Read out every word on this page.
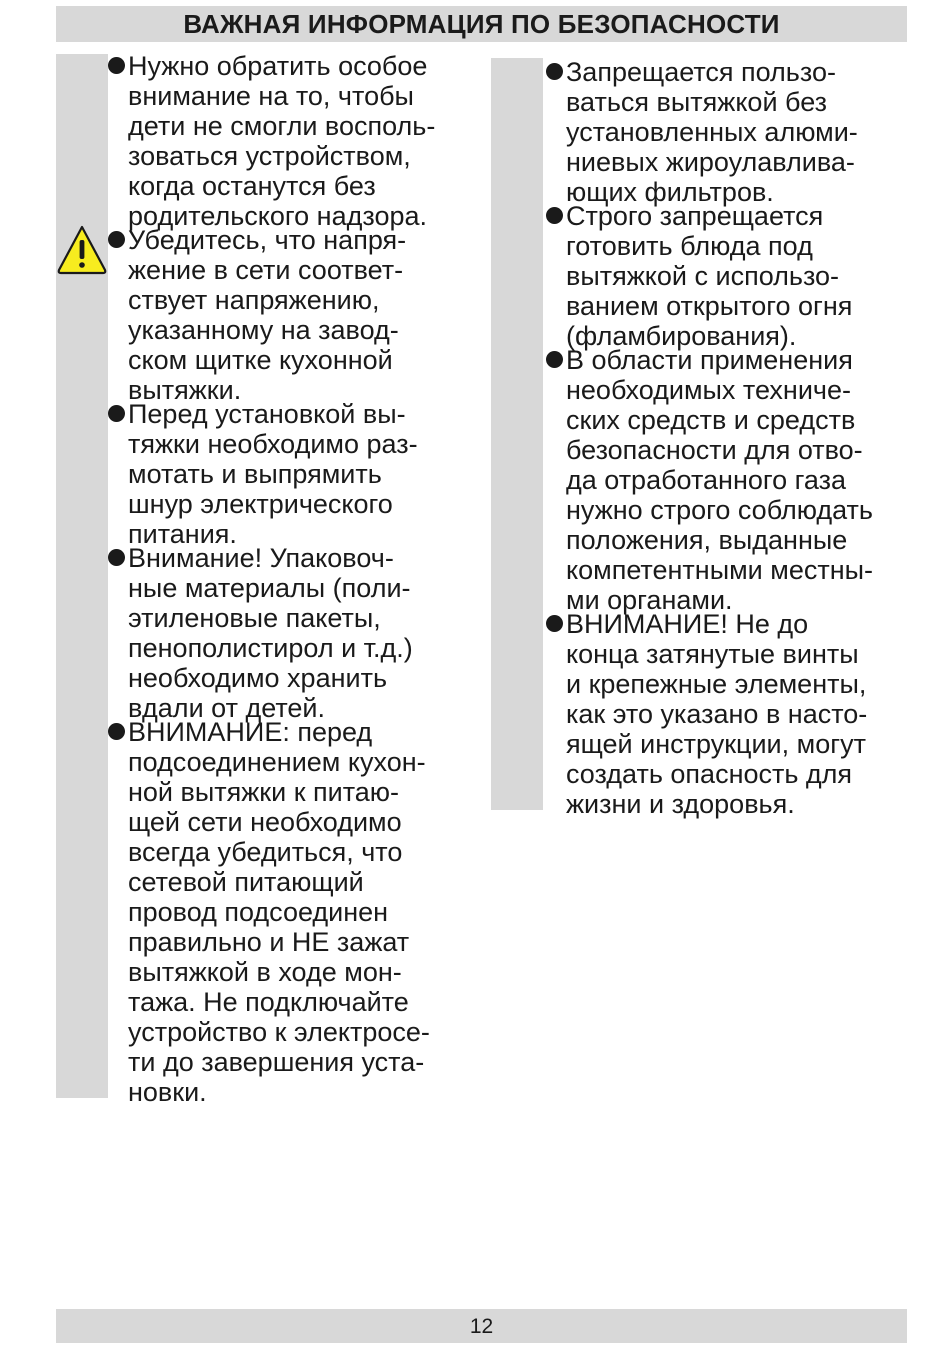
ВАЖНАЯ ИНФОРМАЦИЯ ПО БЕЗОПАСНОСТИ

Нужно обратить особое
внимание на то, чтобы
дети не смогли восполь-
зоваться устройством,
когда останутся без
родительского надзора.

Убедитесь, что напря-
жение в сети соответ-
ствует напряжению,
указанному на завод-
ском щитке кухонной
вытяжки.

Перед установкой вы-
тяжки необходимо раз-
мотать и выпрямить
шнур электрического
питания.

Внимание! Упаковоч-
ные материалы (поли-
этиленовые пакеты,
пенополистирол и т.д.)
необходимо хранить
вдали от детей.

ВНИМАНИЕ: перед
подсоединением кухон-
ной вытяжки к питаю-
щей сети необходимо
всегда убедиться, что
сетевой питающий
провод подсоединен
правильно и НЕ зажат
вытяжкой в ходе мон-
тажа. Не подключайте
устройство к электросе-
ти до завершения уста-
новки.

Запрещается пользо-
ваться вытяжкой без
установленных алюми-
ниевых жироулавлива-
ющих фильтров.

Строго запрещается
готовить блюда под
вытяжкой с использо-
ванием открытого огня
(фламбирования).

В области применения
необходимых техниче-
ских средств и средств
безопасности для отво-
да отработанного газа
нужно строго соблюдать
положения, выданные
компетентными местны-
ми органами.

ВНИМАНИЕ! Не до
конца затянутые винты
и крепежные элементы,
как это указано в насто-
ящей инструкции, могут
создать опасность для
жизни и здоровья.

12
